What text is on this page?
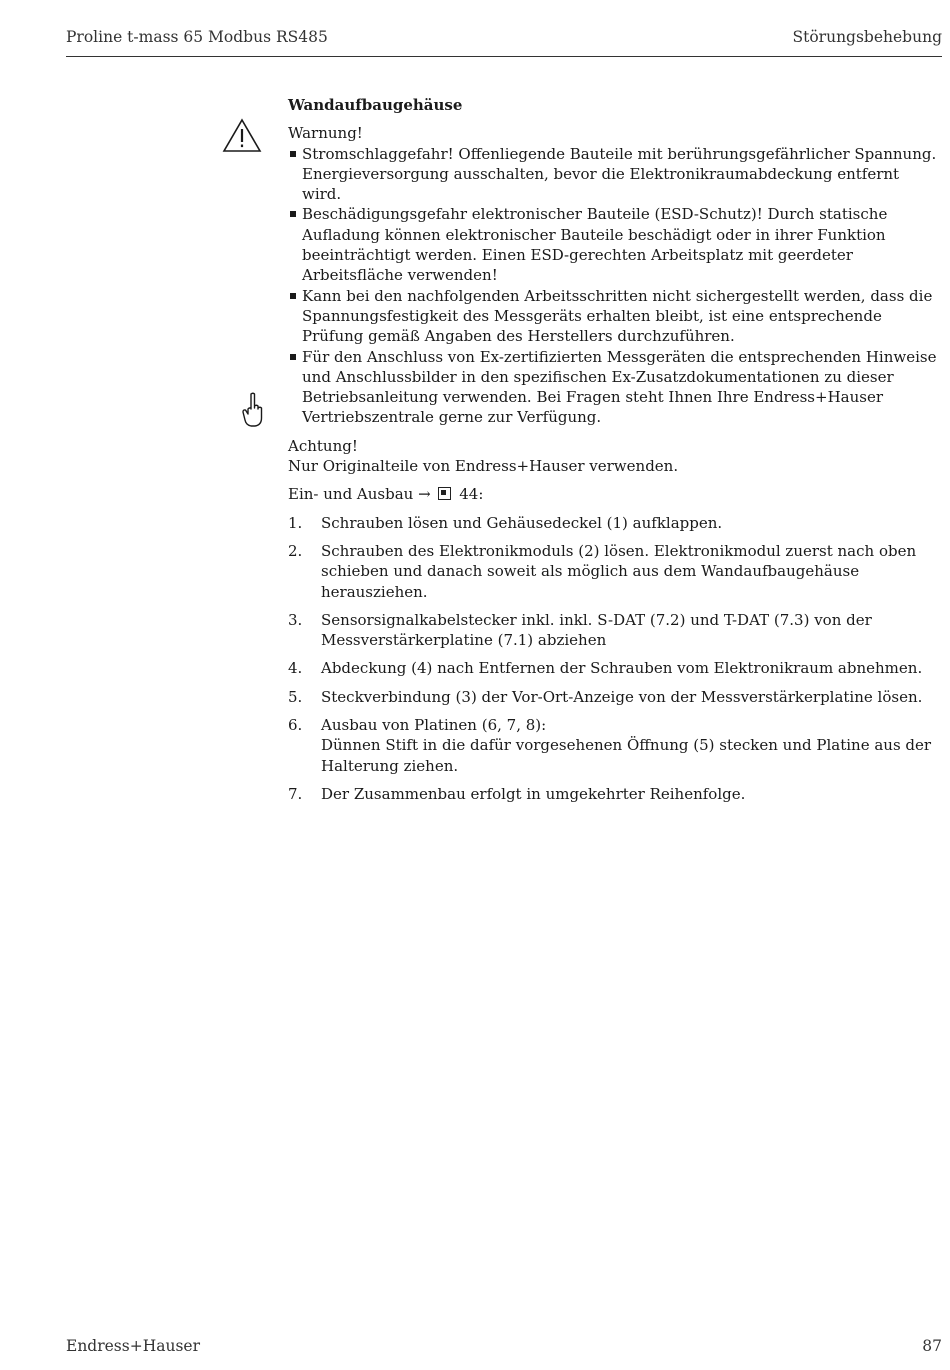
Proline t-mass 65 Modbus RS485	Störungsbehebung
Wandaufbaugehäuse
Warnung!
Stromschlaggefahr! Offenliegende Bauteile mit berührungsgefährlicher Spannung. Energieversorgung ausschalten, bevor die Elektronikraumabdeckung entfernt wird.
Beschädigungsgefahr elektronischer Bauteile (ESD-Schutz)! Durch statische Aufladung können elektronischer Bauteile beschädigt oder in ihrer Funktion beeinträchtigt werden. Einen ESD-gerechten Arbeitsplatz mit geerdeter Arbeitsfläche verwenden!
Kann bei den nachfolgenden Arbeitsschritten nicht sichergestellt werden, dass die Spannungsfestigkeit des Messgeräts erhalten bleibt, ist eine entsprechende Prüfung gemäß Angaben des Herstellers durchzuführen.
Für den Anschluss von Ex-zertifizierten Messgeräten die entsprechenden Hinweise und Anschlussbilder in den spezifischen Ex-Zusatzdokumentationen zu dieser Betriebsanleitung verwenden. Bei Fragen steht Ihnen Ihre Endress+Hauser Vertriebszentrale gerne zur Verfügung.
Achtung!
Nur Originalteile von Endress+Hauser verwenden.
Ein- und Ausbau → 44:
1. Schrauben lösen und Gehäusedeckel (1) aufklappen.
2. Schrauben des Elektronikmoduls (2) lösen. Elektronikmodul zuerst nach oben schieben und danach soweit als möglich aus dem Wandaufbaugehäuse herausziehen.
3. Sensorsignalkabelstecker inkl. inkl. S-DAT (7.2) und T-DAT (7.3) von der Messverstärkerplatine (7.1) abziehen
4. Abdeckung (4) nach Entfernen der Schrauben vom Elektronikraum abnehmen.
5. Steckverbindung (3) der Vor-Ort-Anzeige von der Messverstärkerplatine lösen.
6. Ausbau von Platinen (6, 7, 8):
Dünnen Stift in die dafür vorgesehenen Öffnung (5) stecken und Platine aus der Halterung ziehen.
7. Der Zusammenbau erfolgt in umgekehrter Reihenfolge.
Endress+Hauser	87
